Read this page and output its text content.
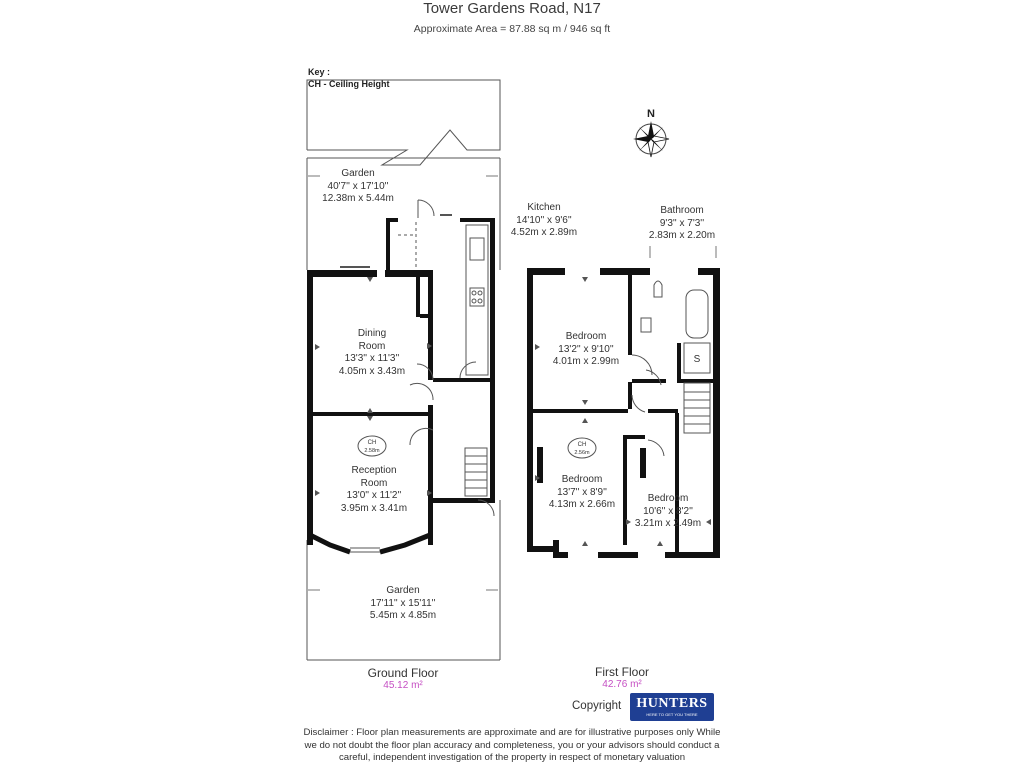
Tower Gardens Road, N17
Approximate Area = 87.88 sq m / 946 sq ft
Key :
CH - Ceiling Height
CH
2.58m
CH
2.56m
S
N
Garden
40'7'' x 17'10''
12.38m x 5.44m
Kitchen
14'10'' x 9'6''
4.52m x 2.89m
Dining
Room
13'3'' x 11'3''
4.05m x 3.43m
Reception
Room
13'0'' x 11'2''
3.95m x 3.41m
Garden
17'11'' x 15'11''
5.45m x 4.85m
Bathroom
9'3'' x 7'3''
2.83m x 2.20m
Bedroom
13'2'' x 9'10''
4.01m x 2.99m
Bedroom
13'7'' x 8'9''
4.13m x 2.66m
Bedroom
10'6'' x 8'2''
3.21m x 2.49m
Ground Floor
45.12 m²
First Floor
42.76 m²
Copyright	HUNTERS
HERE TO GET YOU THERE
Disclaimer : Floor plan measurements are approximate and are for illustrative purposes only While we do not doubt the floor plan accuracy and completeness, you or your advisors should conduct a careful, independent investigation of the property in respect of monetary valuation
